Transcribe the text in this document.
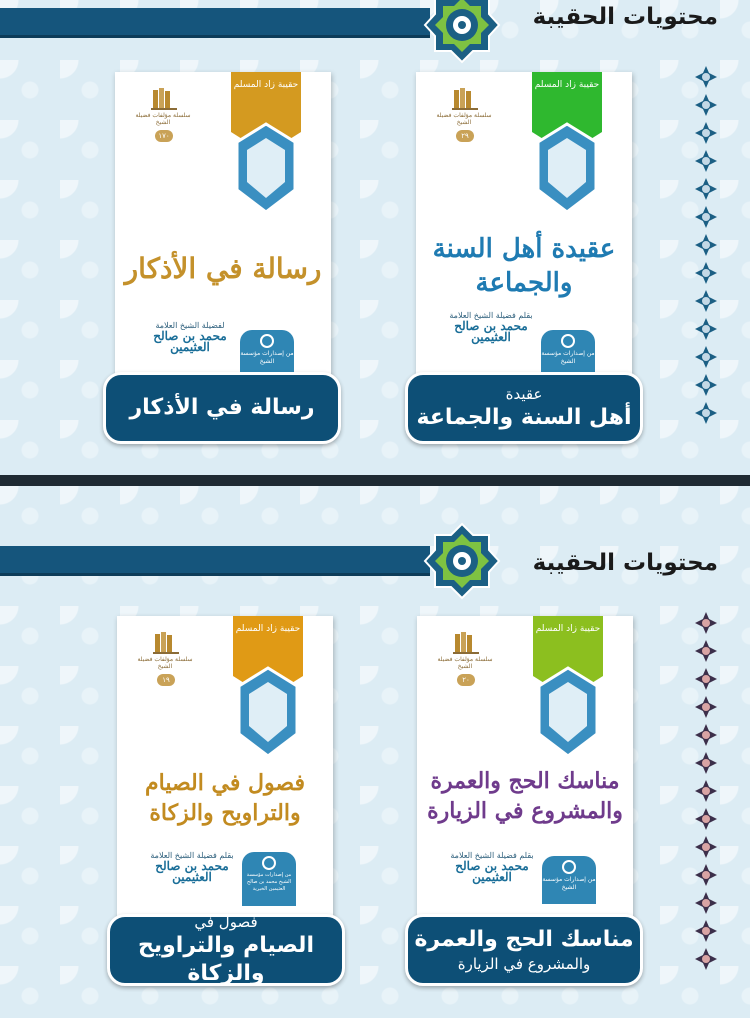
محتويات الحقيبة
سلسلة مؤلفات فضيلة الشيخ
٢٩
حقيبة زاد المسلم
عقيدة أهل السنة والجماعة
بقلم فضيلة الشيخ العلامة
محمد بن صالح العثيمين
من إصدارات مؤسسة الشيخ
عقيدة
أهل السنة والجماعة
سلسلة مؤلفات فضيلة الشيخ
١٧٠
حقيبة زاد المسلم
رسالة في الأذكار
لفضيلة الشيخ العلامة
محمد بن صالح العثيمين	من إصدارات مؤسسة الشيخ
رسالة في الأذكار
محتويات الحقيبة
سلسلة مؤلفات فضيلة الشيخ
٢٠
حقيبة زاد المسلم
مناسك الحج والعمرة والمشروع في الزيارة
بقلم فضيلة الشيخ العلامة
محمد بن صالح العثيمين	من إصدارات مؤسسة الشيخ
مناسك الحج والعمرة
والمشروع في الزيارة
سلسلة مؤلفات فضيلة الشيخ
١٩
حقيبة زاد المسلم
فصول في الصيام والتراويح والزكاة
بقلم فضيلة الشيخ العلامة
محمد بن صالح العثيمين	من إصدارات مؤسسة الشيخ محمد بن صالح العثيمين الخيرية
فصول في
الصيام والتراويح والزكاة
